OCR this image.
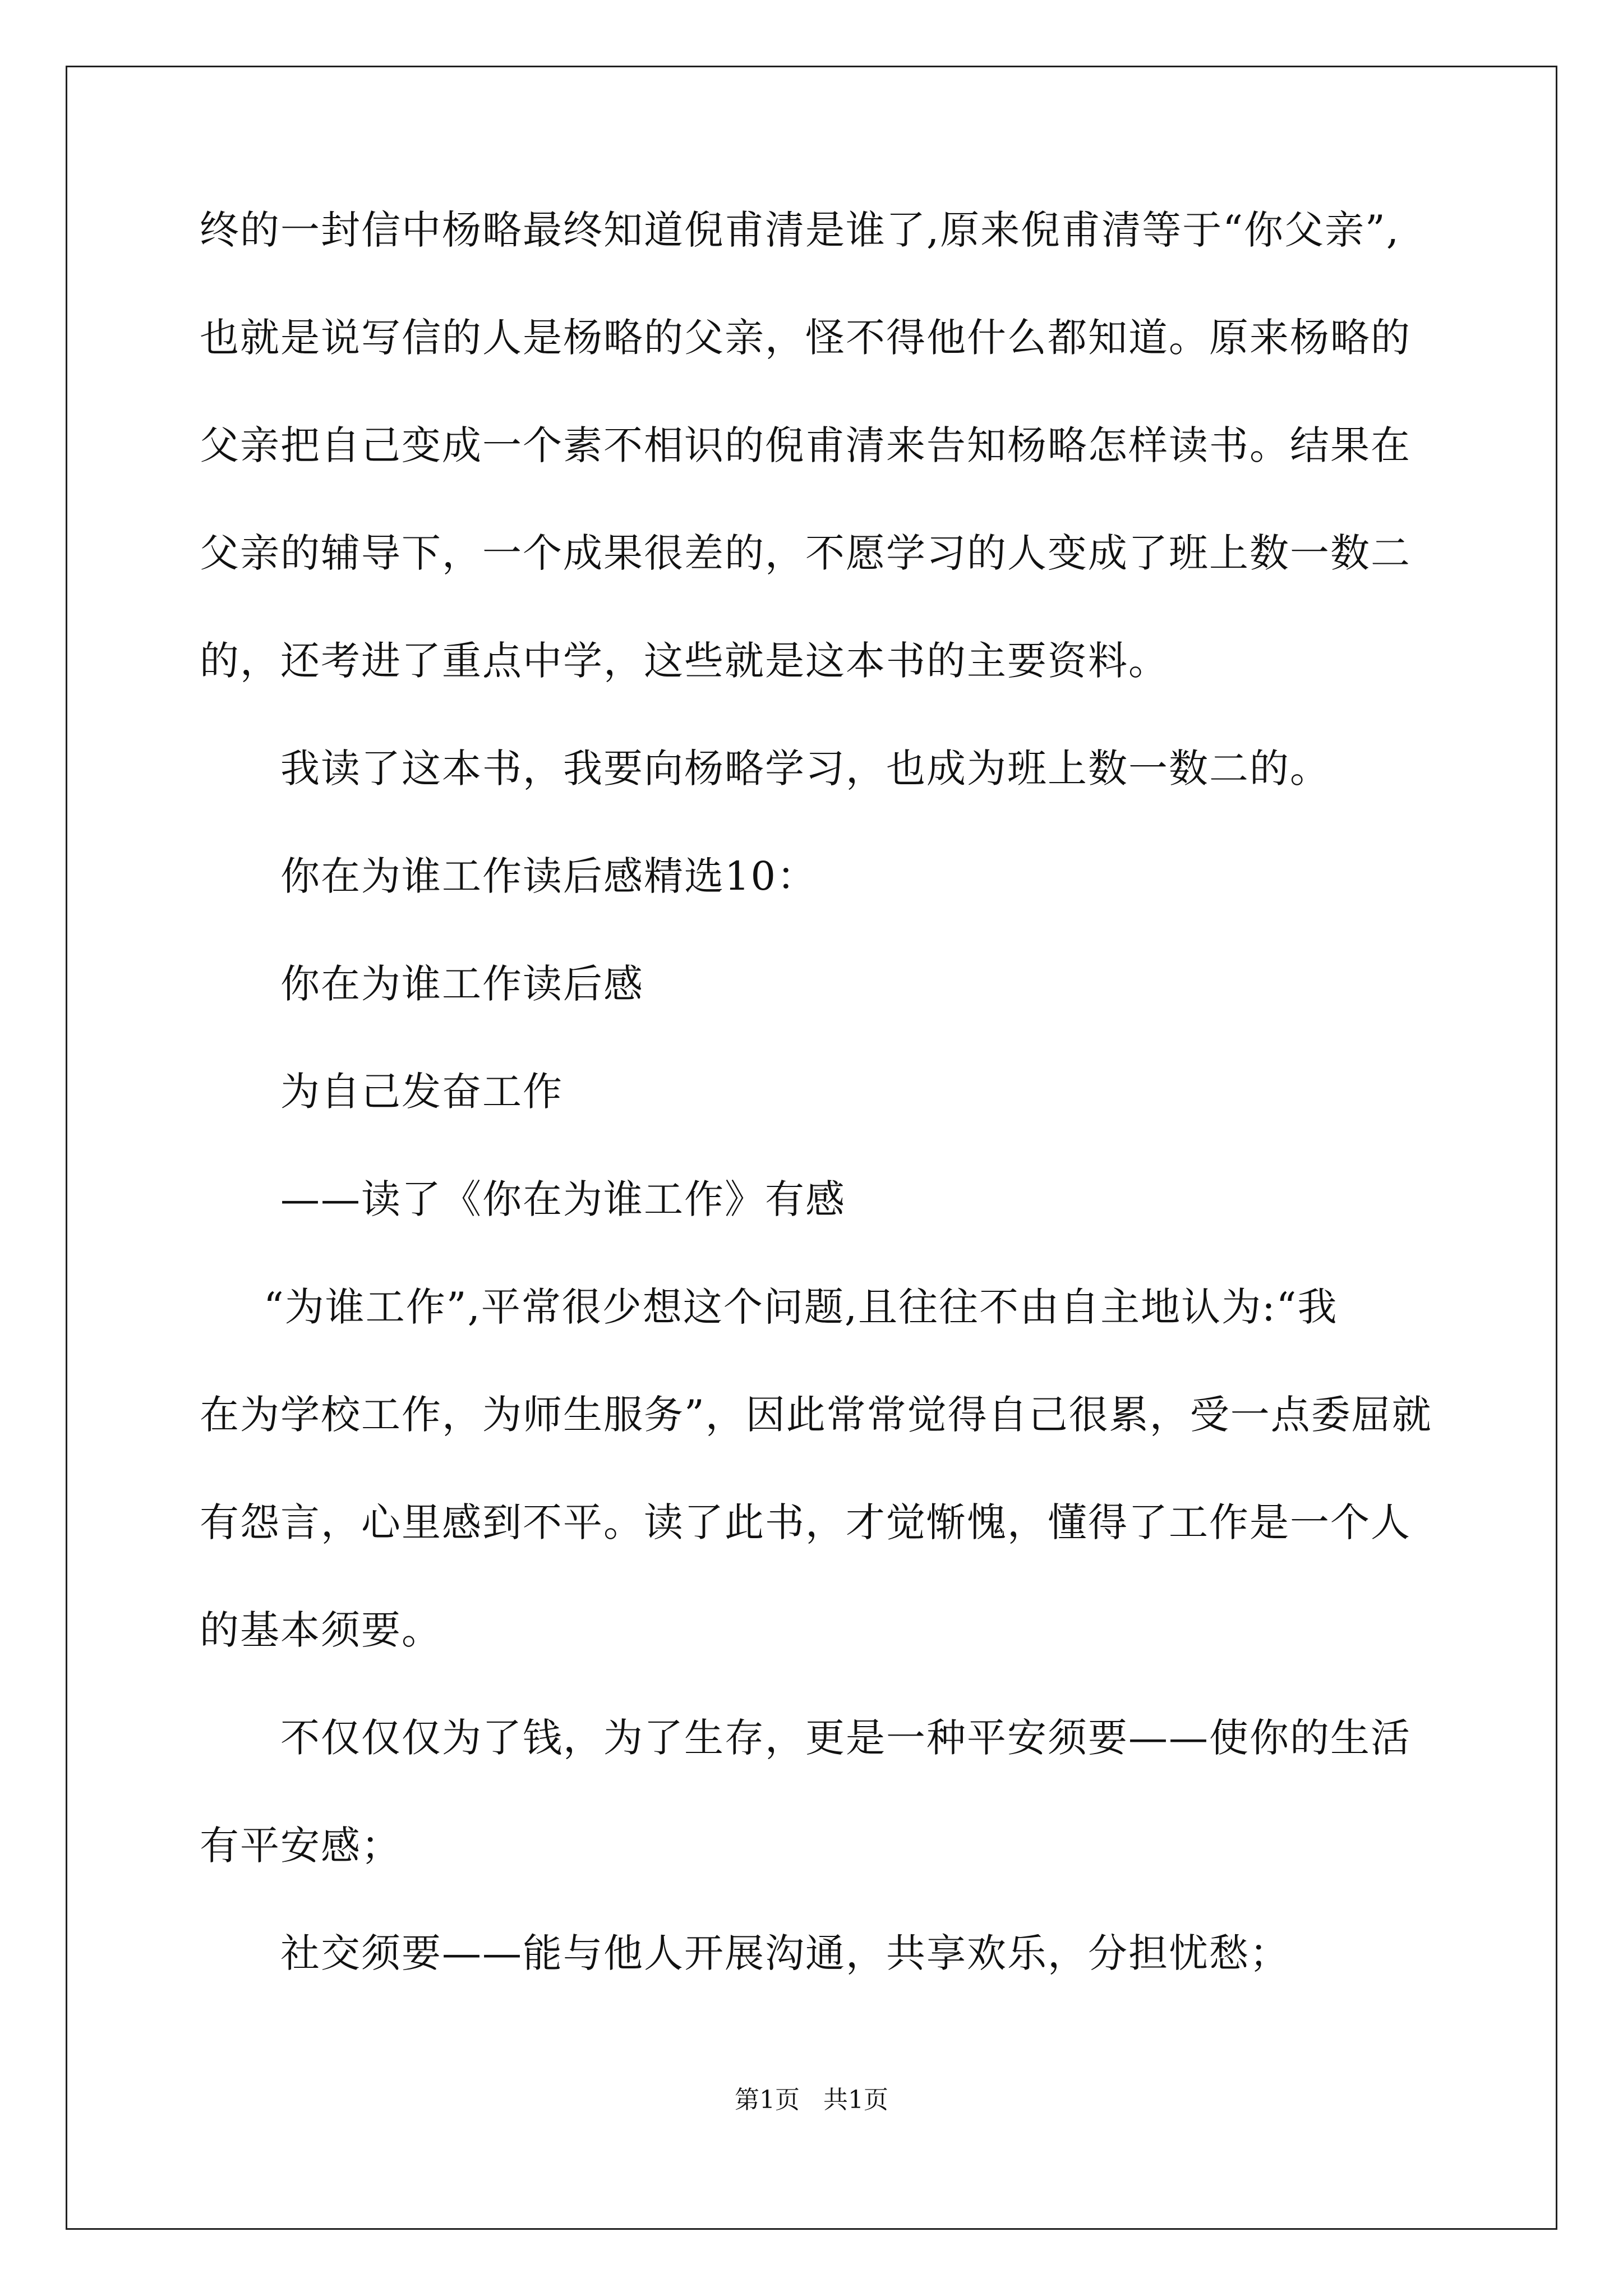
终的一封信中杨略最终知道倪甫清是谁了,原来倪甫清等于“你父亲”,
也就是说写信的人是杨略的父亲，怪不得他什么都知道。原来杨略的
父亲把自己变成一个素不相识的倪甫清来告知杨略怎样读书。结果在
父亲的辅导下，一个成果很差的，不愿学习的人变成了班上数一数二
的，还考进了重点中学，这些就是这本书的主要资料。
我读了这本书，我要向杨略学习，也成为班上数一数二的。
你在为谁工作读后感精选10：
你在为谁工作读后感
为自己发奋工作
——读了《你在为谁工作》有感
“为谁工作”,平常很少想这个问题,且往往不由自主地认为:“我
在为学校工作，为师生服务”，因此常常觉得自己很累，受一点委屈就
有怨言，心里感到不平。读了此书，才觉惭愧，懂得了工作是一个人
的基本须要。
不仅仅仅为了钱，为了生存，更是一种平安须要——使你的生活
有平安感；
社交须要——能与他人开展沟通，共享欢乐，分担忧愁；
第1页 共1页
